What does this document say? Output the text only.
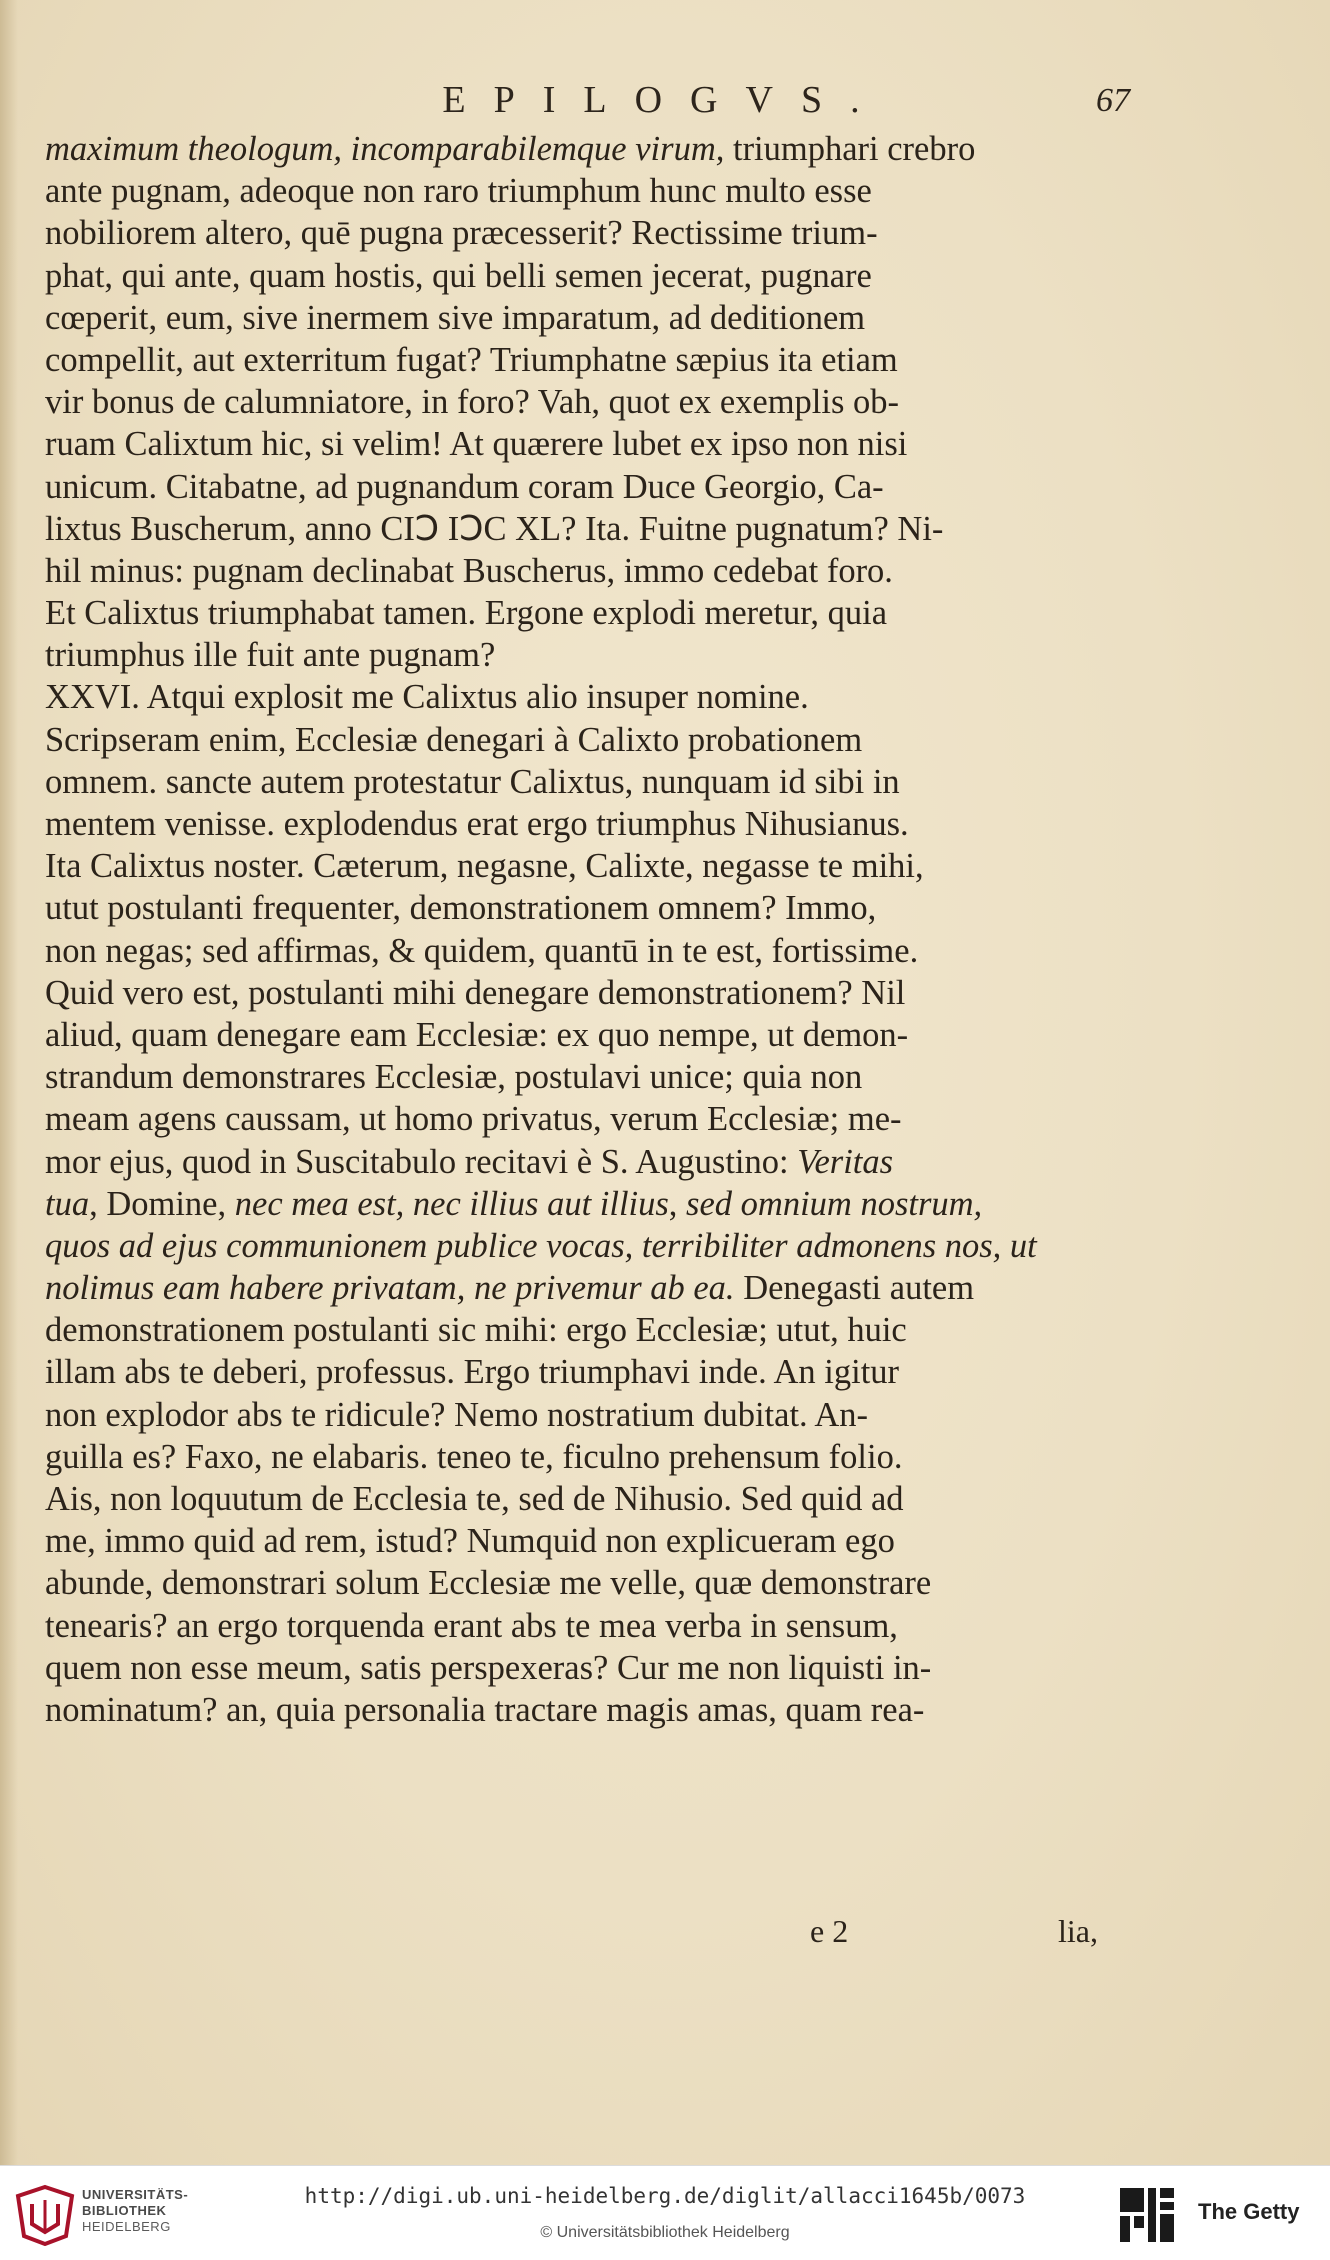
EPILOGVS.	67
maximum theologum, incomparabilemque virum, triumphari crebro
ante pugnam, adeoque non raro triumphum hunc multo esse
nobiliorem altero, quē pugna præcesserit? Rectissime trium-
phat, qui ante, quam hostis, qui belli semen jecerat, pugnare
cœperit, eum, sive inermem sive imparatum, ad deditionem
compellit, aut exterritum fugat? Triumphatne sæpius ita etiam
vir bonus de calumniatore, in foro? Vah, quot ex exemplis ob-
ruam Calixtum hic, si velim! At quærere lubet ex ipso non nisi
unicum. Citabatne, ad pugnandum coram Duce Georgio, Ca-
lixtus Buscherum, anno CIↃ IↃC XL? Ita. Fuitne pugnatum? Ni-
hil minus: pugnam declinabat Buscherus, immo cedebat foro.
Et Calixtus triumphabat tamen. Ergone explodi meretur, quia
triumphus ille fuit ante pugnam?
XXVI. Atqui explosit me Calixtus alio insuper nomine.
Scripseram enim, Ecclesiæ denegari à Calixto probationem
omnem. sancte autem protestatur Calixtus, nunquam id sibi in
mentem venisse. explodendus erat ergo triumphus Nihusianus.
Ita Calixtus noster. Cæterum, negasne, Calixte, negasse te mihi,
utut postulanti frequenter, demonstrationem omnem? Immo,
non negas; sed affirmas, & quidem, quantū in te est, fortissime.
Quid vero est, postulanti mihi denegare demonstrationem? Nil
aliud, quam denegare eam Ecclesiæ: ex quo nempe, ut demon-
strandum demonstrares Ecclesiæ, postulavi unice; quia non
meam agens caussam, ut homo privatus, verum Ecclesiæ; me-
mor ejus, quod in Suscitabulo recitavi è S. Augustino: Veritas
tua, Domine, nec mea est, nec illius aut illius, sed omnium nostrum,
quos ad ejus communionem publice vocas, terribiliter admonens nos, ut
nolimus eam habere privatam, ne privemur ab ea. Denegasti autem
demonstrationem postulanti sic mihi: ergo Ecclesiæ; utut, huic
illam abs te deberi, professus. Ergo triumphavi inde. An igitur
non explodor abs te ridicule? Nemo nostratium dubitat. An-
guilla es? Faxo, ne elabaris. teneo te, ficulno prehensum folio.
Ais, non loquutum de Ecclesia te, sed de Nihusio. Sed quid ad
me, immo quid ad rem, istud? Numquid non explicueram ego
abunde, demonstrari solum Ecclesiæ me velle, quæ demonstrare
tenearis? an ergo torquenda erant abs te mea verba in sensum,
quem non esse meum, satis perspexeras? Cur me non liquisti in-
nominatum? an, quia personalia tractare magis amas, quam rea-
e 2	lia,
UNIVERSITÄTS-
BIBLIOTHEK
HEIDELBERG
http://digi.ub.uni-heidelberg.de/diglit/allacci1645b/0073
© Universitätsbibliothek Heidelberg
The Getty
